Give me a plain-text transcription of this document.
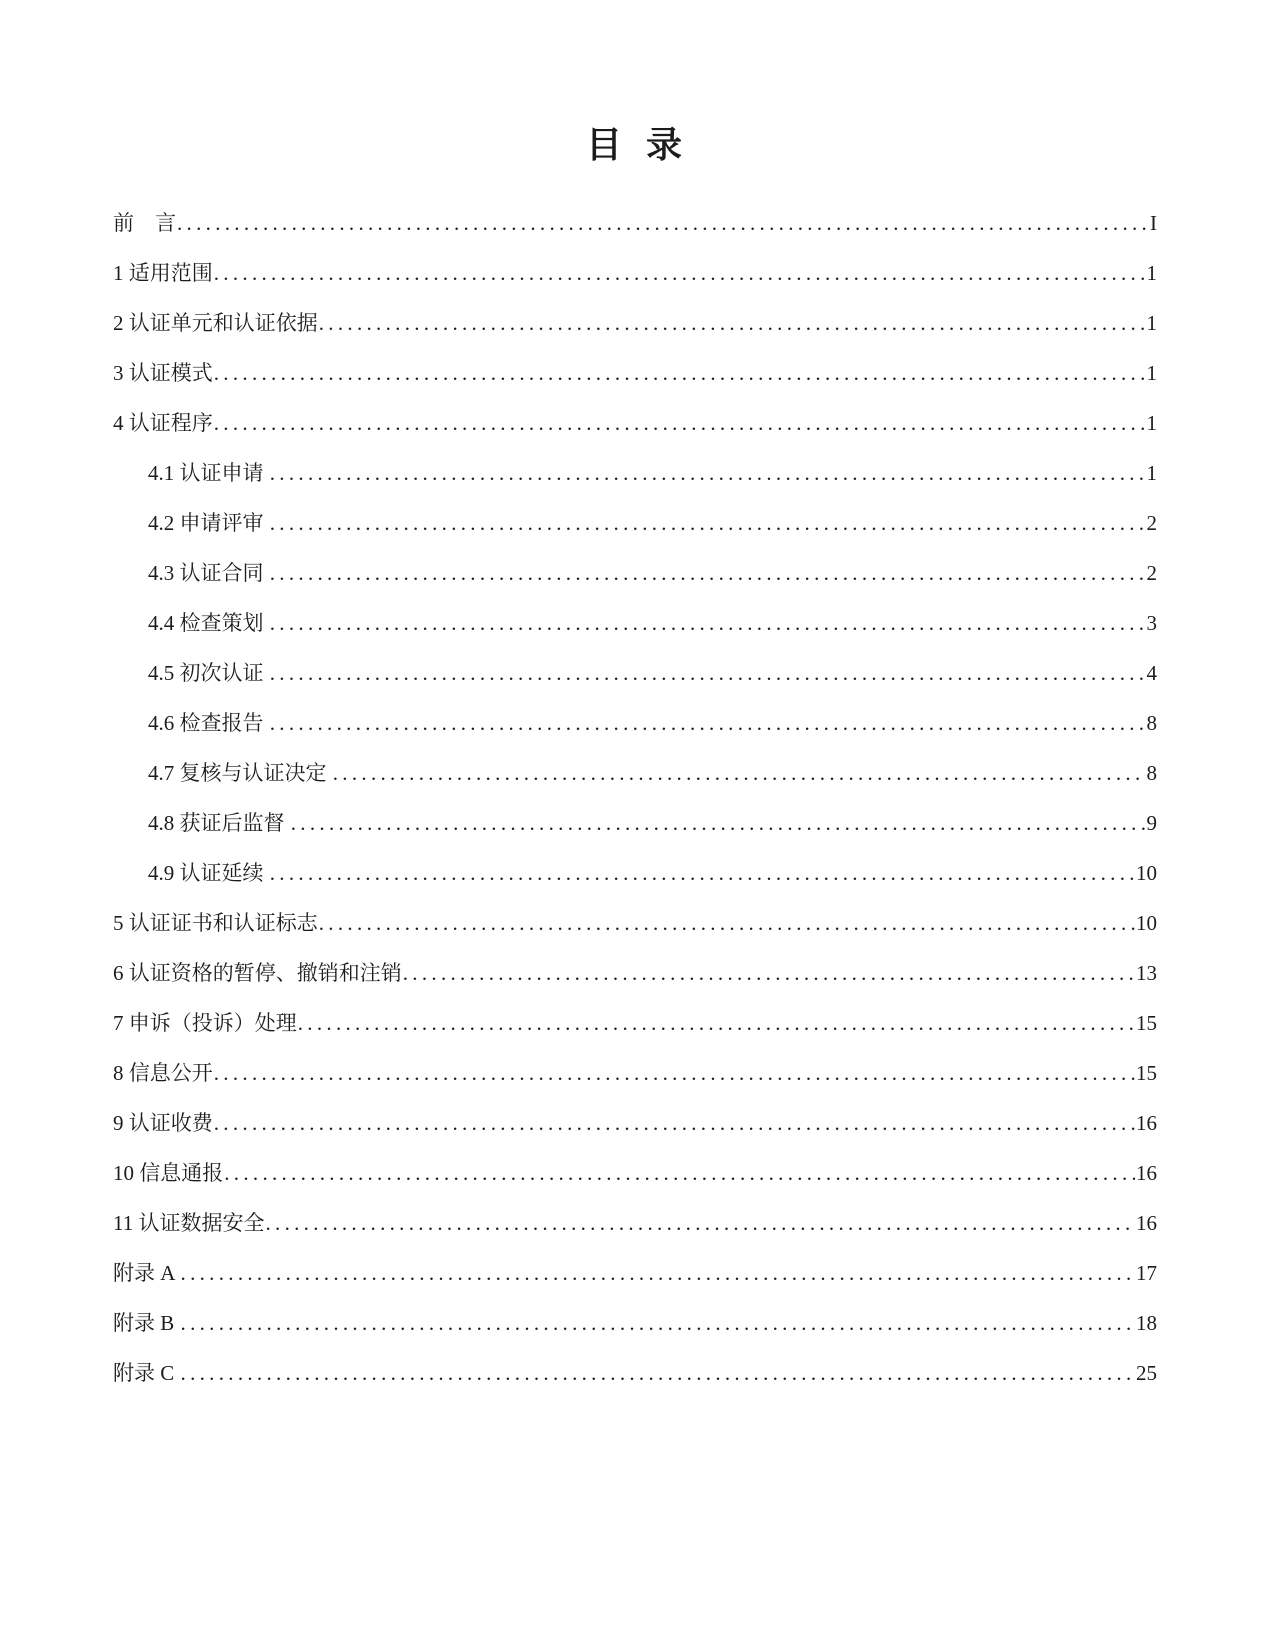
目  录
前　言 .....	I
1 适用范围 .....	1
2 认证单元和认证依据 .....	1
3 认证模式 .....	1
4 认证程序 .....	1
4.1 认证申请 .....	1
4.2 申请评审 .....	2
4.3 认证合同 .....	2
4.4 检查策划 .....	3
4.5 初次认证 .....	4
4.6 检查报告 .....	8
4.7 复核与认证决定 .....	8
4.8 获证后监督 .....	9
4.9 认证延续 .....	10
5 认证证书和认证标志 .....	10
6 认证资格的暂停、撤销和注销 .....	13
7 申诉（投诉）处理 .....	15
8 信息公开 .....	15
9 认证收费 .....	16
10 信息通报 .....	16
11 认证数据安全 .....	16
附录 A .....	17
附录 B .....	18
附录 C .....	25
